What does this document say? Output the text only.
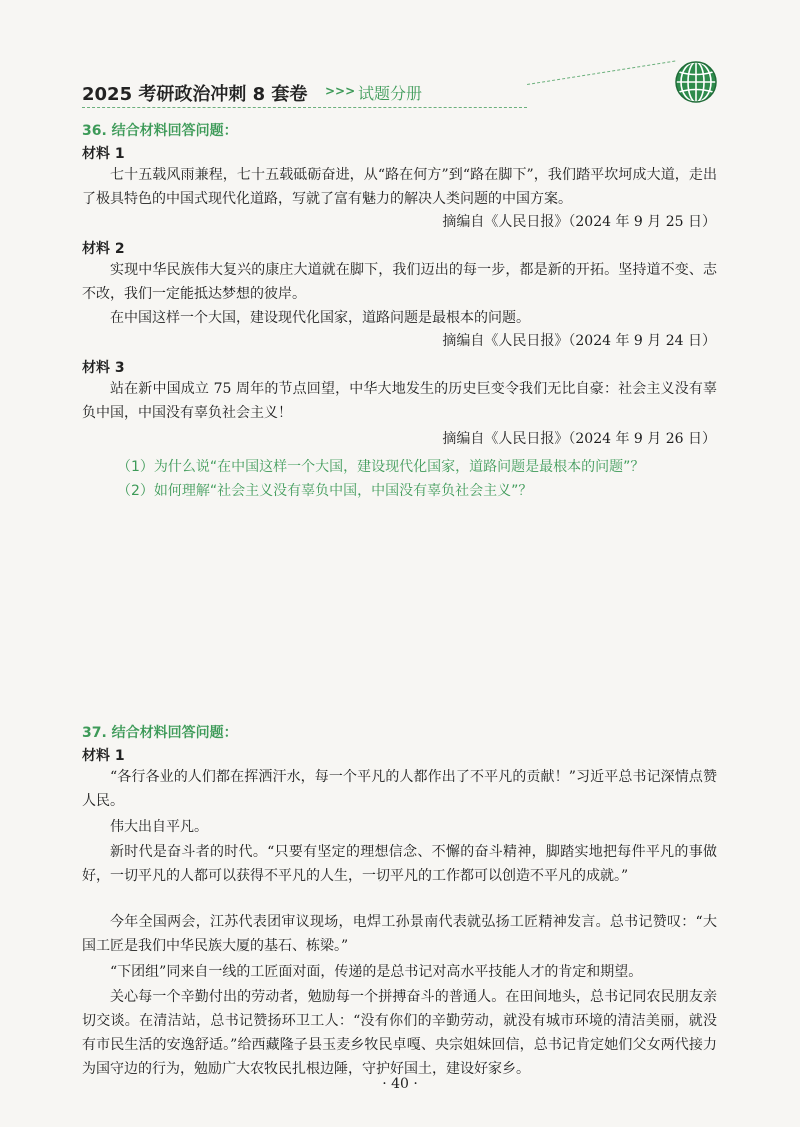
2025 考研政治冲刺 8 套卷 >>> 试题分册
36. 结合材料回答问题：
材料 1

七十五载风雨兼程，七十五载砥砺奋进，从“路在何方”到“路在脚下”，我们踏平坎坷成大道，走出了极具特色的中国式现代化道路，写就了富有魅力的解决人类问题的中国方案。

摘编自《人民日报》（2024 年 9 月 25 日）
材料 2

实现中华民族伟大复兴的康庄大道就在脚下，我们迈出的每一步，都是新的开拓。坚持道不变、志不改，我们一定能抵达梦想的彼岸。

在中国这样一个大国，建设现代化国家，道路问题是最根本的问题。

摘编自《人民日报》（2024 年 9 月 24 日）
材料 3

站在新中国成立 75 周年的节点回望，中华大地发生的历史巨变令我们无比自豪：社会主义没有辜负中国，中国没有辜负社会主义！

摘编自《人民日报》（2024 年 9 月 26 日）
（1）为什么说“在中国这样一个大国，建设现代化国家，道路问题是最根本的问题”？
（2）如何理解“社会主义没有辜负中国，中国没有辜负社会主义”？
37. 结合材料回答问题：
材料 1

“各行各业的人们都在挥洒汗水，每一个平凡的人都作出了不平凡的贡献！”习近平总书记深情点赞人民。

伟大出自平凡。

新时代是奋斗者的时代。“只要有坚定的理想信念、不懈的奋斗精神，脚踏实地把每件平凡的事做好，一切平凡的人都可以获得不平凡的人生，一切平凡的工作都可以创造不平凡的成就。”

今年全国两会，江苏代表团审议现场，电焊工孙景南代表就弘扬工匠精神发言。总书记赞叹：“大国工匠是我们中华民族大厦的基石、栋梁。”

“下团组”同来自一线的工匠面对面，传递的是总书记对高水平技能人才的肯定和期望。

关心每一个辛勤付出的劳动者，勉励每一个拼搏奋斗的普通人。在田间地头，总书记同农民朋友亲切交谈。在清洁站，总书记赞扬环卫工人：“没有你们的辛勤劳动，就没有城市环境的清洁美丽，就没有市民生活的安逸舒适。”给西藏隆子县玉麦乡牧民卓嘎、央宗姐妹回信，总书记肯定她们父女两代接力为国守边的行为，勉励广大农牧民扎根边陲，守护好国土，建设好家乡。

· 40 ·
